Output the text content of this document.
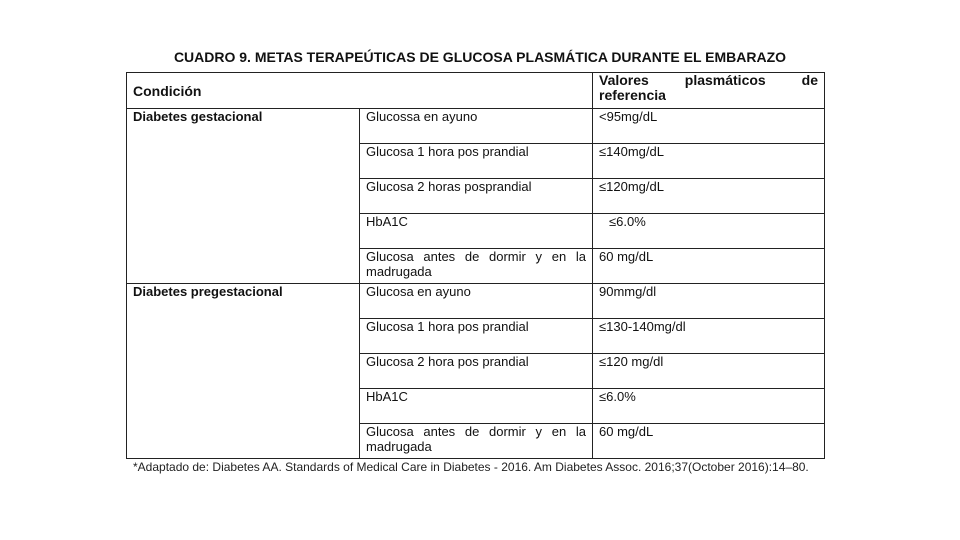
CUADRO 9. METAS TERAPEÚTICAS DE GLUCOSA PLASMÁTICA DURANTE EL EMBARAZO
Condición		Valores plasmáticos de referencia
Diabetes gestacional	Glucossa en ayuno	<95mg/dL
	Glucosa 1 hora pos prandial	≤140mg/dL
	Glucosa 2 horas posprandial	≤120mg/dL
	HbA1C	≤6.0%
	Glucosa antes de dormir y en la madrugada	60 mg/dL
Diabetes pregestacional	Glucosa en ayuno	90mmg/dl
	Glucosa 1 hora pos prandial	≤130-140mg/dl
	Glucosa 2 hora pos prandial	≤120 mg/dl
	HbA1C	≤6.0%
	Glucosa antes de dormir y en la madrugada	60 mg/dL
*Adaptado de: Diabetes AA. Standards of Medical Care in Diabetes - 2016. Am Diabetes Assoc. 2016;37(October 2016):14–80.
